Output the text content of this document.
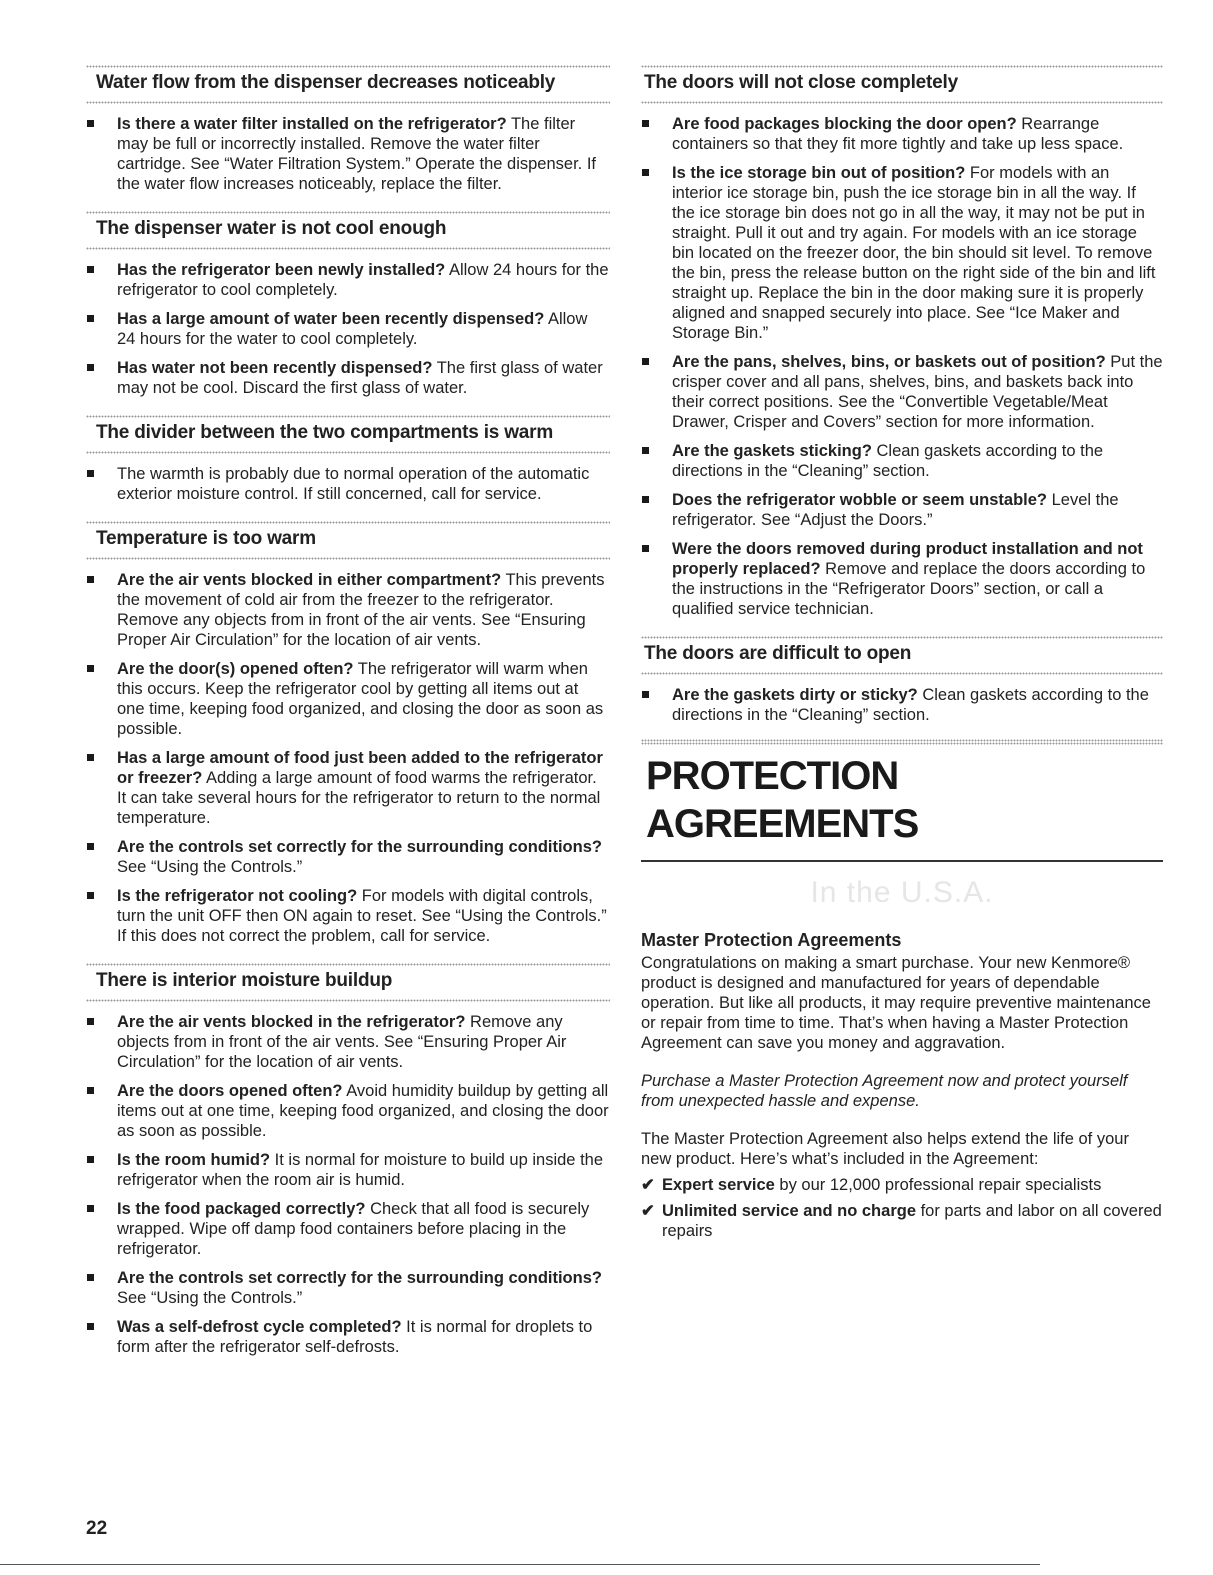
Water flow from the dispenser decreases noticeably
Is there a water filter installed on the refrigerator? The filter may be full or incorrectly installed. Remove the water filter cartridge. See “Water Filtration System.” Operate the dispenser. If the water flow increases noticeably, replace the filter.
The dispenser water is not cool enough
Has the refrigerator been newly installed? Allow 24 hours for the refrigerator to cool completely.
Has a large amount of water been recently dispensed? Allow 24 hours for the water to cool completely.
Has water not been recently dispensed? The first glass of water may not be cool. Discard the first glass of water.
The divider between the two compartments is warm
The warmth is probably due to normal operation of the automatic exterior moisture control. If still concerned, call for service.
Temperature is too warm
Are the air vents blocked in either compartment? This prevents the movement of cold air from the freezer to the refrigerator. Remove any objects from in front of the air vents. See “Ensuring Proper Air Circulation” for the location of air vents.
Are the door(s) opened often? The refrigerator will warm when this occurs. Keep the refrigerator cool by getting all items out at one time, keeping food organized, and closing the door as soon as possible.
Has a large amount of food just been added to the refrigerator or freezer? Adding a large amount of food warms the refrigerator. It can take several hours for the refrigerator to return to the normal temperature.
Are the controls set correctly for the surrounding conditions? See “Using the Controls.”
Is the refrigerator not cooling? For models with digital controls, turn the unit OFF then ON again to reset. See “Using the Controls.” If this does not correct the problem, call for service.
There is interior moisture buildup
Are the air vents blocked in the refrigerator? Remove any objects from in front of the air vents. See “Ensuring Proper Air Circulation” for the location of air vents.
Are the doors opened often? Avoid humidity buildup by getting all items out at one time, keeping food organized, and closing the door as soon as possible.
Is the room humid? It is normal for moisture to build up inside the refrigerator when the room air is humid.
Is the food packaged correctly? Check that all food is securely wrapped. Wipe off damp food containers before placing in the refrigerator.
Are the controls set correctly for the surrounding conditions? See “Using the Controls.”
Was a self-defrost cycle completed? It is normal for droplets to form after the refrigerator self-defrosts.
The doors will not close completely
Are food packages blocking the door open? Rearrange containers so that they fit more tightly and take up less space.
Is the ice storage bin out of position? For models with an interior ice storage bin, push the ice storage bin in all the way. If the ice storage bin does not go in all the way, it may not be put in straight. Pull it out and try again. For models with an ice storage bin located on the freezer door, the bin should sit level. To remove the bin, press the release button on the right side of the bin and lift straight up. Replace the bin in the door making sure it is properly aligned and snapped securely into place. See “Ice Maker and Storage Bin.”
Are the pans, shelves, bins, or baskets out of position? Put the crisper cover and all pans, shelves, bins, and baskets back into their correct positions. See the “Convertible Vegetable/Meat Drawer, Crisper and Covers” section for more information.
Are the gaskets sticking? Clean gaskets according to the directions in the “Cleaning” section.
Does the refrigerator wobble or seem unstable? Level the refrigerator. See “Adjust the Doors.”
Were the doors removed during product installation and not properly replaced? Remove and replace the doors according to the instructions in the “Refrigerator Doors” section, or call a qualified service technician.
The doors are difficult to open
Are the gaskets dirty or sticky? Clean gaskets according to the directions in the “Cleaning” section.
PROTECTION AGREEMENTS
In the U.S.A.
Master Protection Agreements

Congratulations on making a smart purchase. Your new Kenmore® product is designed and manufactured for years of dependable operation. But like all products, it may require preventive maintenance or repair from time to time. That’s when having a Master Protection Agreement can save you money and aggravation.

Purchase a Master Protection Agreement now and protect yourself from unexpected hassle and expense.

The Master Protection Agreement also helps extend the life of your new product. Here’s what’s included in the Agreement:

✔ Expert service by our 12,000 professional repair specialists
✔ Unlimited service and no charge for parts and labor on all covered repairs
22
